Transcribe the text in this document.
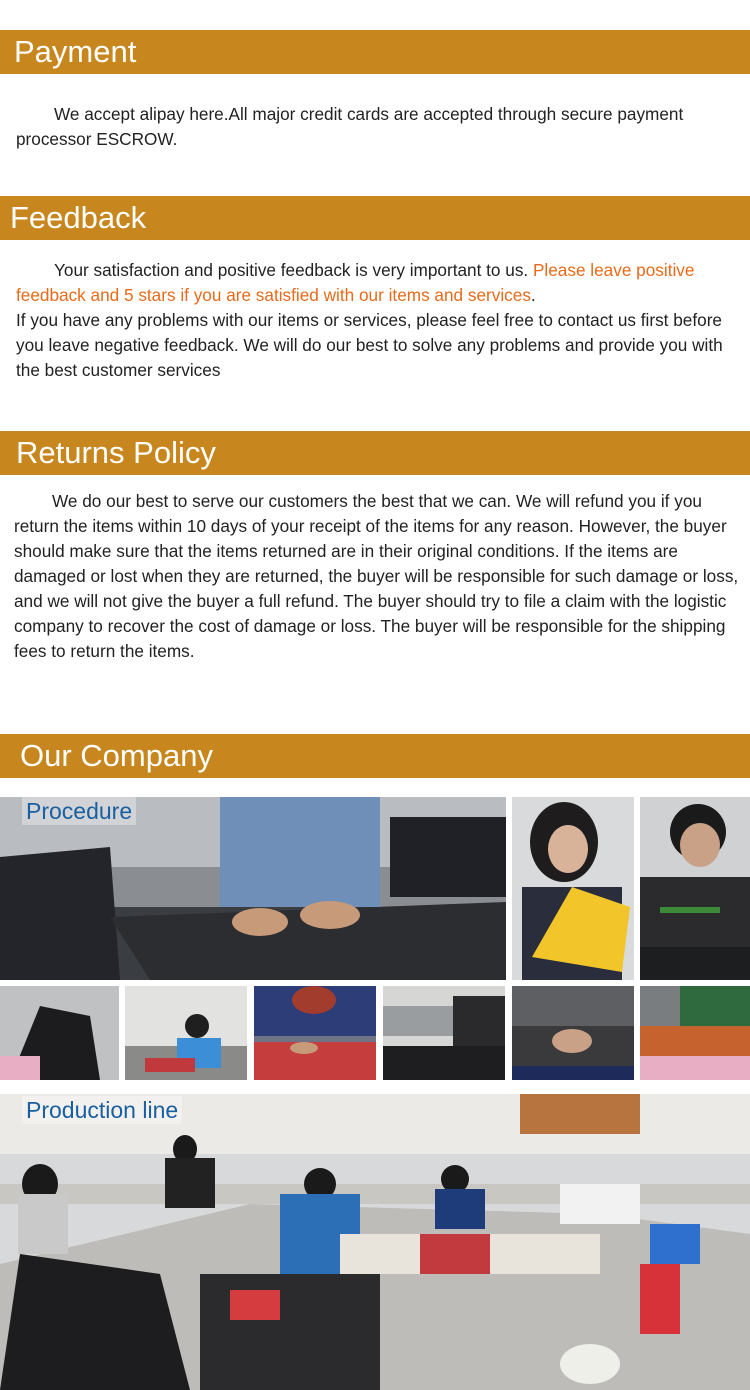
Payment

We accept alipay here.All major credit cards are accepted through secure payment processor ESCROW.

Feedback

Your satisfaction and positive feedback is very important to us. Please leave positive feedback and 5 stars if you are satisfied with our items and services.
If you have any problems with our items or services, please feel free to contact us first before you leave negative feedback. We will do our best to solve any problems and provide you with the best customer services

Returns Policy

We do our best to serve our customers the best that we can. We will refund you if you return the items within 10 days of your receipt of the items for any reason. However, the buyer should make sure that the items returned are in their original conditions. If the items are damaged or lost when they are returned, the buyer will be responsible for such damage or loss, and we will not give the buyer a full refund. The buyer should try to file a claim with the logistic company to recover the cost of damage or loss. The buyer will be responsible for the shipping fees to return the items.

Our Company
Procedure
Production line
